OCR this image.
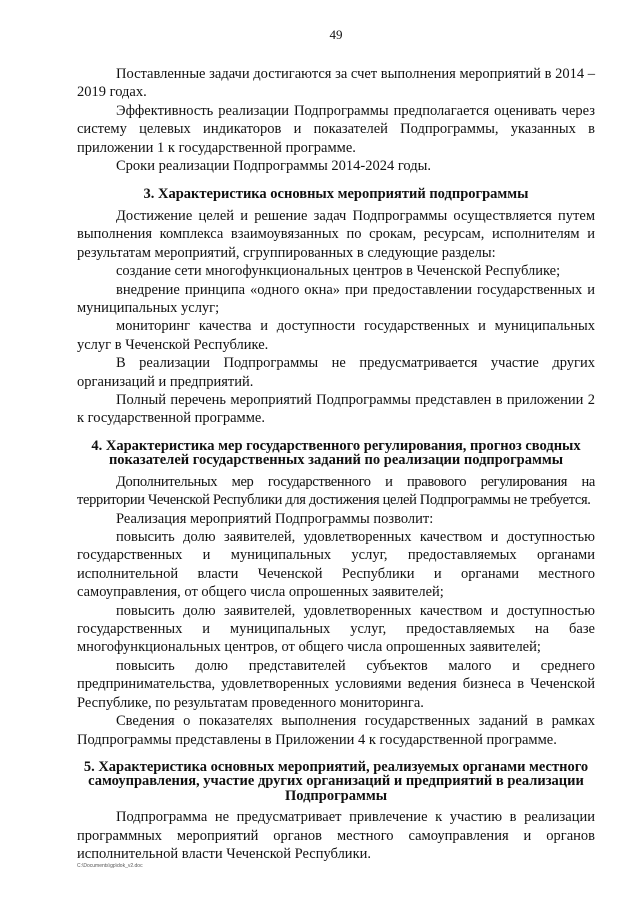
49

Поставленные задачи достигаются за счет выполнения мероприятий в 2014 – 2019 годах.

Эффективность реализации Подпрограммы предполагается оценивать через систему целевых индикаторов и показателей Подпрограммы, указанных в приложении 1 к государственной программе.

Сроки реализации Подпрограммы 2014-2024 годы.

3. Характеристика основных мероприятий подпрограммы

Достижение целей и решение задач Подпрограммы осуществляется путем выполнения комплекса взаимоувязанных по срокам, ресурсам, исполнителям и результатам мероприятий, сгруппированных в следующие разделы:

создание сети многофункциональных центров в Чеченской Республике;

внедрение принципа «одного окна» при предоставлении государственных и муниципальных услуг;

мониторинг качества и доступности государственных и муниципальных услуг в Чеченской Республике.

В реализации Подпрограммы не предусматривается участие других организаций и предприятий.

Полный перечень мероприятий Подпрограммы представлен в приложении 2 к государственной программе.

4. Характеристика мер государственного регулирования, прогноз сводных
показателей государственных заданий по реализации подпрограммы

Дополнительных мер государственного и правового регулирования на территории Чеченской Республики для достижения целей Подпрограммы не требуется.

Реализация мероприятий Подпрограммы позволит:

повысить долю заявителей, удовлетворенных качеством и доступностью государственных и муниципальных услуг, предоставляемых органами исполнительной власти Чеченской Республики и органами местного самоуправления, от общего числа опрошенных заявителей;

повысить долю заявителей, удовлетворенных качеством и доступностью государственных и муниципальных услуг, предоставляемых на базе многофункциональных центров, от общего числа опрошенных заявителей;

повысить долю представителей субъектов малого и среднего предпринимательства, удовлетворенных условиями ведения бизнеса в Чеченской Республике, по результатам проведенного мониторинга.

Сведения о показателях выполнения государственных заданий в рамках Подпрограммы представлены в Приложении 4 к государственной программе.

5. Характеристика основных мероприятий, реализуемых органами местного
самоуправления, участие других организаций и предприятий в реализации
Подпрограммы

Подпрограмма не предусматривает привлечение к участию в реализации программных мероприятий органов местного самоуправления и органов исполнительной власти Чеченской Республики.

C:\Documents\gp\dok_v2.doc
